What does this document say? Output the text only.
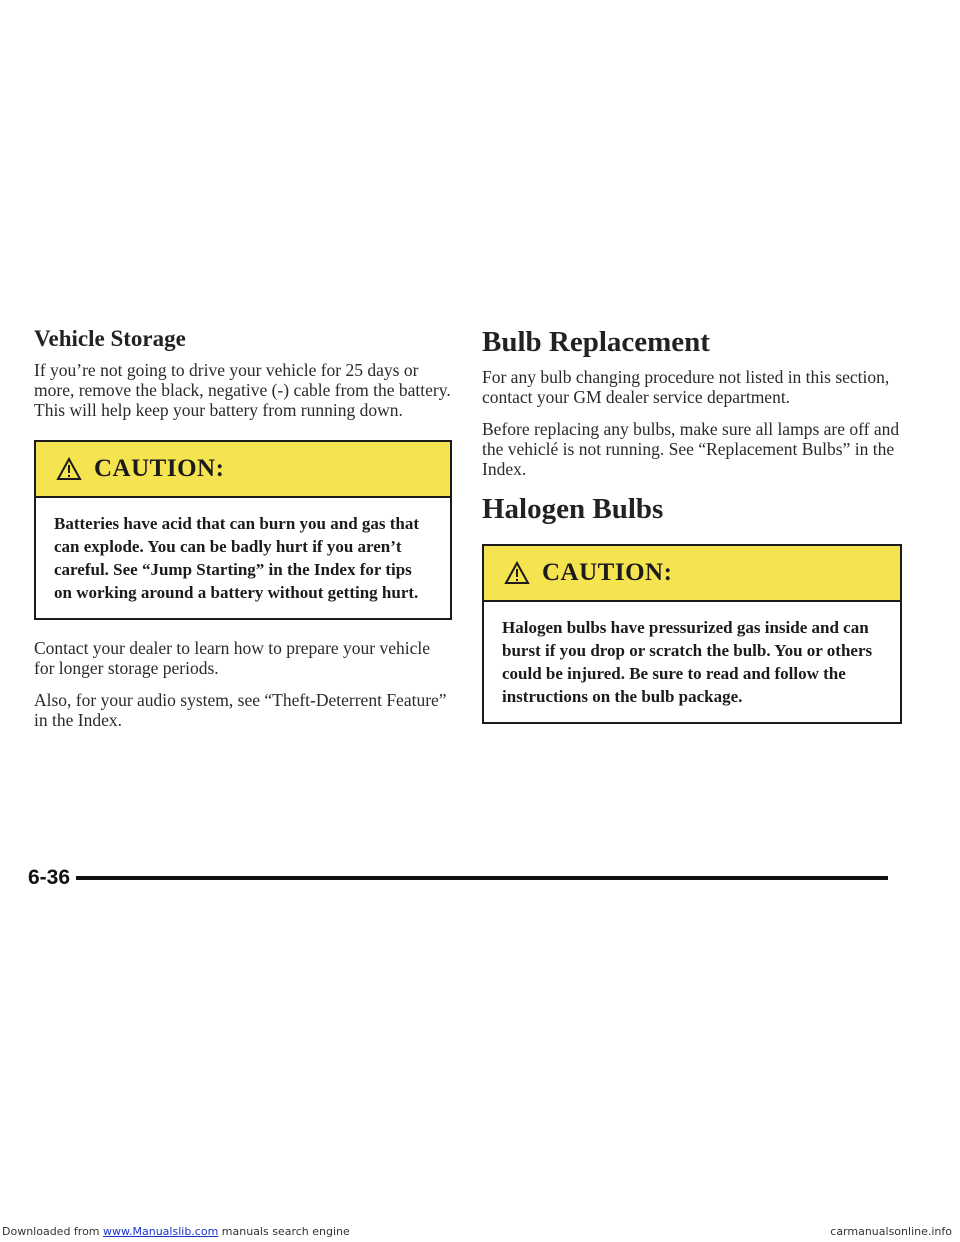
Vehicle Storage

If you’re not going to drive your vehicle for 25 days or more, remove the black, negative (-) cable from the battery. This will help keep your battery from running down.

CAUTION:
Batteries have acid that can burn you and gas that can explode. You can be badly hurt if you aren’t careful. See “Jump Starting” in the Index for tips on working around a battery without getting hurt.

Contact your dealer to learn how to prepare your vehicle for longer storage periods.

Also, for your audio system, see “Theft-Deterrent Feature” in the Index.

Bulb Replacement

For any bulb changing procedure not listed in this section, contact your GM dealer service department.

Before replacing any bulbs, make sure all lamps are off and the vehiclé is not running. See “Replacement Bulbs” in the Index.

Halogen Bulbs
CAUTION:
Halogen bulbs have pressurized gas inside and can burst if you drop or scratch the bulb. You or others could be injured. Be sure to read and follow the instructions on the bulb package.
6-36
Downloaded from www.Manualslib.com manuals search engine	carmanualsonline.info
